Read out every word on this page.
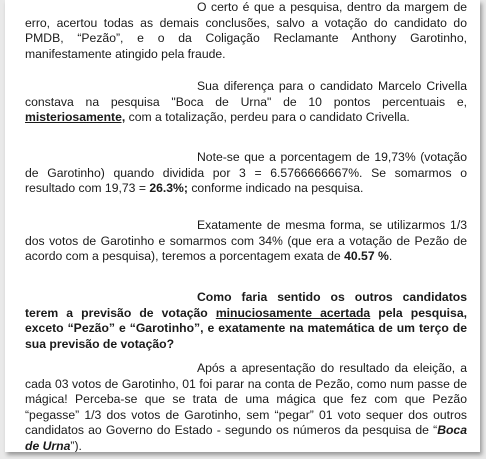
O certo é que a pesquisa, dentro da margem de erro, acertou todas as demais conclusões, salvo a votação do candidato do PMDB, “Pezão”, e o da Coligação Reclamante Anthony Garotinho, manifestamente atingido pela fraude.

Sua diferença para o candidato Marcelo Crivella constava na pesquisa "Boca de Urna" de 10 pontos percentuais e, misteriosamente, com a totalização, perdeu para o candidato Crivella.

Note-se que a porcentagem de 19,73% (votação de Garotinho) quando dividida por 3 = 6.5766666667%. Se somarmos o resultado com 19,73 = 26.3%; conforme indicado na pesquisa.

Exatamente de mesma forma, se utilizarmos 1/3 dos votos de Garotinho e somarmos com 34% (que era a votação de Pezão de acordo com a pesquisa), teremos a porcentagem exata de 40.57 %.

Como faria sentido os outros candidatos terem a previsão de votação minuciosamente acertada pela pesquisa, exceto “Pezão” e “Garotinho”, e exatamente na matemática de um terço de sua previsão de votação?

Após a apresentação do resultado da eleição, a cada 03 votos de Garotinho, 01 foi parar na conta de Pezão, como num passe de mágica! Perceba-se que se trata de uma mágica que fez com que Pezão “pegasse” 1/3 dos votos de Garotinho, sem “pegar” 01 voto sequer dos outros candidatos ao Governo do Estado - segundo os números da pesquisa de “Boca de Urna”).
